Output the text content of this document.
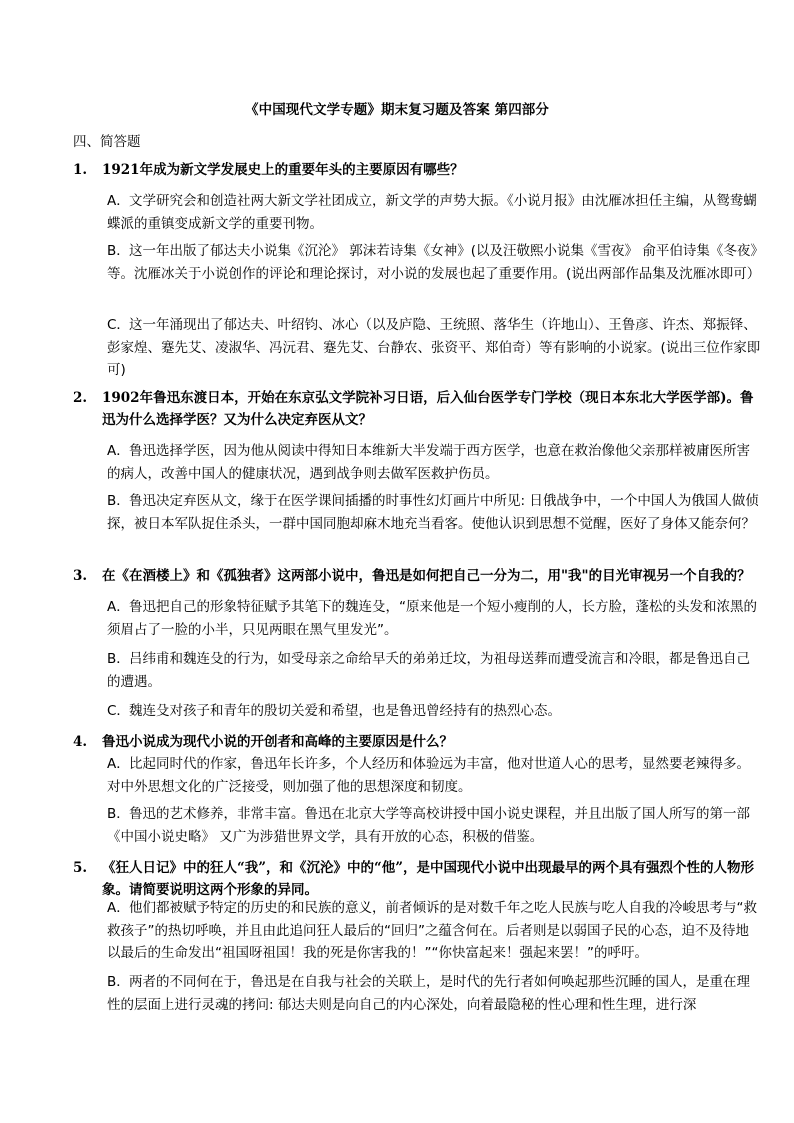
《中国现代文学专题》期末复习题及答案 第四部分
四、简答题
1.	1921年成为新文学发展史上的重要年头的主要原因有哪些？
A． 文学研究会和创造社两大新文学社团成立，新文学的声势大振。《小说月报》由沈雁冰担任主编，从鸳鸯蝴蝶派的重镇变成新文学的重要刊物。
B． 这一年出版了郁达夫小说集《沉沦》 郭沫若诗集《女神》(以及汪敬熙小说集《雪夜》 俞平伯诗集《冬夜》等。沈雁冰关于小说创作的评论和理论探讨，对小说的发展也起了重要作用。(说出两部作品集及沈雁冰即可）
C． 这一年涌现出了郁达夫、叶绍钧、冰心（以及庐隐、王统照、落华生（许地山）、王鲁彦、许杰、郑振铎、彭家煌、蹇先艾、凌淑华、冯沅君、蹇先艾、台静农、张资平、郑伯奇）等有影响的小说家。(说出三位作家即可)
2.	1902年鲁迅东渡日本，开始在东京弘文学院补习日语，后入仙台医学专门学校（现日本东北大学医学部)。鲁迅为什么选择学医？又为什么决定弃医从文？
A． 鲁迅选择学医，因为他从阅读中得知日本维新大半发端于西方医学，也意在救治像他父亲那样被庸医所害的病人，改善中国人的健康状况，遇到战争则去做军医救护伤员。
B． 鲁迅决定弃医从文，缘于在医学课间插播的时事性幻灯画片中所见: 日俄战争中，一个中国人为俄国人做侦探，被日本军队捉住杀头，一群中国同胞却麻木地充当看客。使他认识到思想不觉醒，医好了身体又能奈何？
3.	在《在酒楼上》和《孤独者》这两部小说中，鲁迅是如何把自己一分为二，用"我"的目光审视另一个自我的？
A． 鲁迅把自己的形象特征赋予其笔下的魏连殳，“原来他是一个短小瘦削的人，长方脸，蓬松的头发和浓黑的须眉占了一脸的小半，只见两眼在黑气里发光”。
B． 吕纬甫和魏连殳的行为，如受母亲之命给早夭的弟弟迁坟，为祖母送葬而遭受流言和冷眼，都是鲁迅自己的遭遇。
C． 魏连殳对孩子和青年的殷切关爱和希望，也是鲁迅曾经持有的热烈心态。
4.	鲁迅小说成为现代小说的开创者和高峰的主要原因是什么？
A． 比起同时代的作家，鲁迅年长许多，个人经历和体验远为丰富，他对世道人心的思考，显然要老辣得多。对中外思想文化的广泛接受，则加强了他的思想深度和韧度。
B． 鲁迅的艺术修养，非常丰富。鲁迅在北京大学等高校讲授中国小说史课程，并且出版了国人所写的第一部《中国小说史略》 又广为涉猎世界文学，具有开放的心态，积极的借鉴。
5.	《狂人日记》中的狂人“我”，和《沉沦》中的“他”，是中国现代小说中出现最早的两个具有强烈个性的人物形象。请简要说明这两个形象的异同。
A． 他们都被赋予特定的历史的和民族的意义，前者倾诉的是对数千年之吃人民族与吃人自我的冷峻思考与“救救孩子”的热切呼唤，并且由此追问狂人最后的“回归”之蕴含何在。后者则是以弱国子民的心态，迫不及待地以最后的生命发出“祖国呀祖国！我的死是你害我的！”“你快富起来！强起来罢！”的呼吁。
B． 两者的不同何在于，鲁迅是在自我与社会的关联上，是时代的先行者如何唤起那些沉睡的国人，是重在理性的层面上进行灵魂的拷问: 郁达夫则是向自己的内心深处，向着最隐秘的性心理和性生理，进行深
